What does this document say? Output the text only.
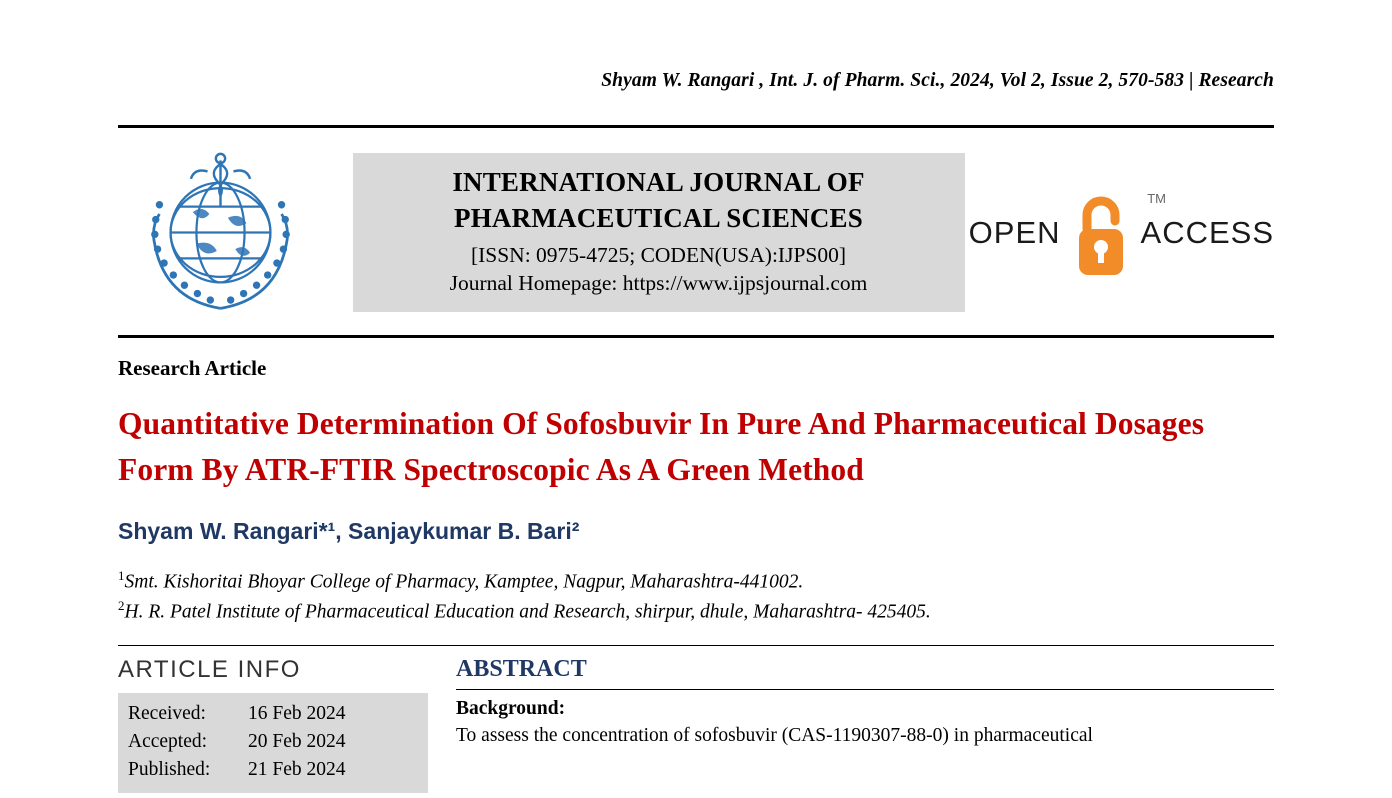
Shyam W. Rangari , Int. J. of Pharm. Sci., 2024, Vol 2, Issue 2, 570-583 | Research
INTERNATIONAL JOURNAL OF
PHARMACEUTICAL SCIENCES
[ISSN: 0975-4725; CODEN(USA):IJPS00]
Journal Homepage: https://www.ijpsjournal.com
OPEN	ACCESS
TM
Research Article
Quantitative Determination Of Sofosbuvir In Pure And Pharmaceutical Dosages Form By ATR-FTIR Spectroscopic As A Green Method
Shyam W. Rangari*¹, Sanjaykumar B. Bari²
$^1$Smt. Kishoritai Bhoyar College of Pharmacy, Kamptee, Nagpur, Maharashtra-441002.
$^2$H. R. Patel Institute of Pharmaceutical Education and Research, shirpur, dhule, Maharashtra- 425405.
ARTICLE INFO
Received:	16 Feb 2024
Accepted:	20 Feb 2024
Published:	21 Feb 2024
ABSTRACT
Background:
To assess the concentration of sofosbuvir (CAS-1190307-88-0) in pharmaceutical
